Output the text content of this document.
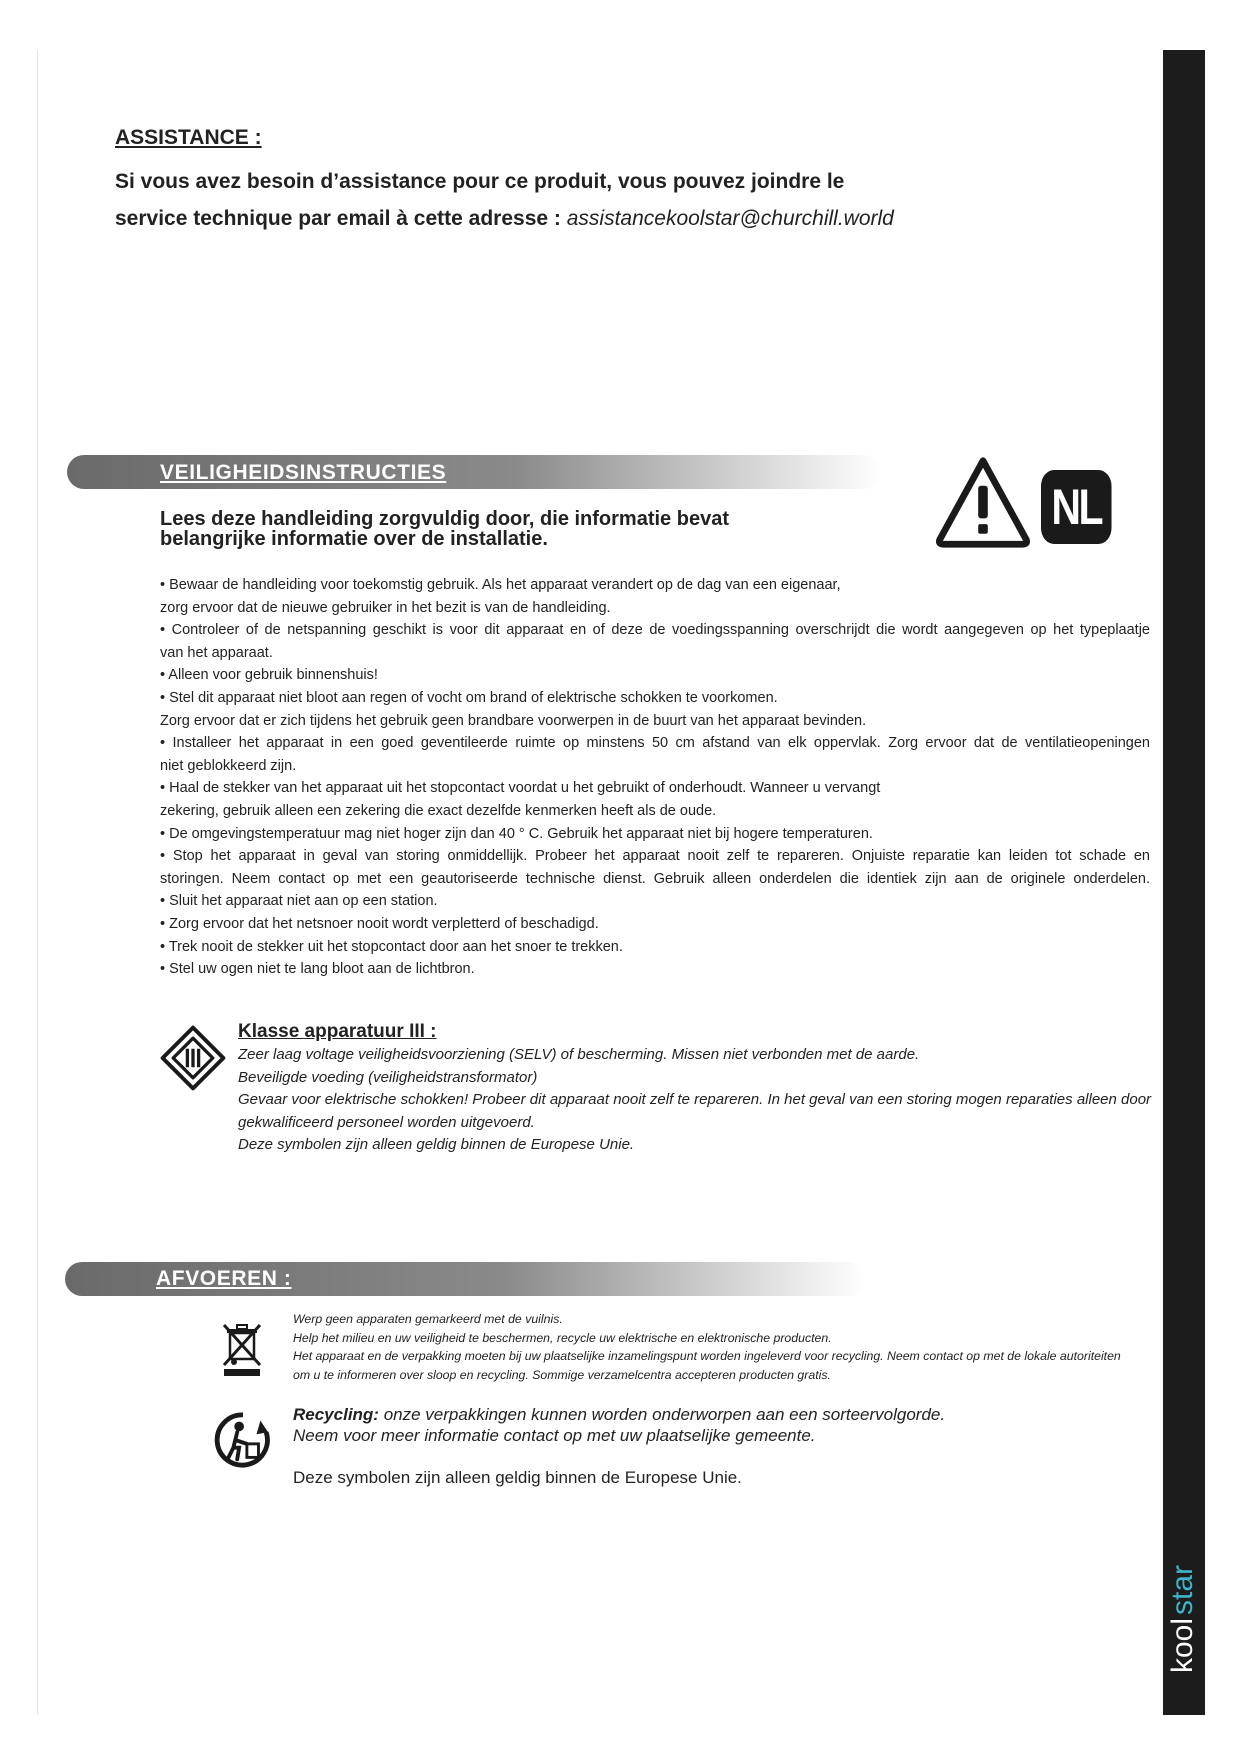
ASSISTANCE :
Si vous avez besoin d’assistance pour ce produit, vous pouvez joindre le
service technique par email à cette adresse : assistancekoolstar@churchill.world
VEILIGHEIDSINSTRUCTIES
NL
Lees deze handleiding zorgvuldig door, die informatie bevat
belangrijke informatie over de installatie.
• Bewaar de handleiding voor toekomstig gebruik. Als het apparaat verandert op de dag van een eigenaar,
zorg ervoor dat de nieuwe gebruiker in het bezit is van de handleiding.
• Controleer of de netspanning geschikt is voor dit apparaat en of deze de voedingsspanning overschrijdt die wordt aangegeven op het typeplaatje
van het apparaat.
• Alleen voor gebruik binnenshuis!
• Stel dit apparaat niet bloot aan regen of vocht om brand of elektrische schokken te voorkomen.
Zorg ervoor dat er zich tijdens het gebruik geen brandbare voorwerpen in de buurt van het apparaat bevinden.
• Installeer het apparaat in een goed geventileerde ruimte op minstens 50 cm afstand van elk oppervlak. Zorg ervoor dat de ventilatieopeningen
niet geblokkeerd zijn.
• Haal de stekker van het apparaat uit het stopcontact voordat u het gebruikt of onderhoudt. Wanneer u vervangt
zekering, gebruik alleen een zekering die exact dezelfde kenmerken heeft als de oude.
• De omgevingstemperatuur mag niet hoger zijn dan 40 ° C. Gebruik het apparaat niet bij hogere temperaturen.
• Stop het apparaat in geval van storing onmiddellijk. Probeer het apparaat nooit zelf te repareren. Onjuiste reparatie kan leiden tot schade en
storingen. Neem contact op met een geautoriseerde technische dienst. Gebruik alleen onderdelen die identiek zijn aan de originele onderdelen.
• Sluit het apparaat niet aan op een station.
• Zorg ervoor dat het netsnoer nooit wordt verpletterd of beschadigd.
• Trek nooit de stekker uit het stopcontact door aan het snoer te trekken.
• Stel uw ogen niet te lang bloot aan de lichtbron.
Klasse apparatuur III :
Zeer laag voltage veiligheidsvoorziening (SELV) of bescherming. Missen niet verbonden met de aarde.
Beveiligde voeding (veiligheidstransformator)
Gevaar voor elektrische schokken! Probeer dit apparaat nooit zelf te repareren. In het geval van een storing mogen reparaties alleen door
gekwalificeerd personeel worden uitgevoerd.
Deze symbolen zijn alleen geldig binnen de Europese Unie.
AFVOEREN :
Werp geen apparaten gemarkeerd met de vuilnis.
Help het milieu en uw veiligheid te beschermen, recycle uw elektrische en elektronische producten.
Het apparaat en de verpakking moeten bij uw plaatselijke inzamelingspunt worden ingeleverd voor recycling. Neem contact op met de lokale autoriteiten
om u te informeren over sloop en recycling. Sommige verzamelcentra accepteren producten gratis.
Recycling: onze verpakkingen kunnen worden onderworpen aan een sorteervolgorde.
Neem voor meer informatie contact op met uw plaatselijke gemeente.
Deze symbolen zijn alleen geldig binnen de Europese Unie.
kool
star
